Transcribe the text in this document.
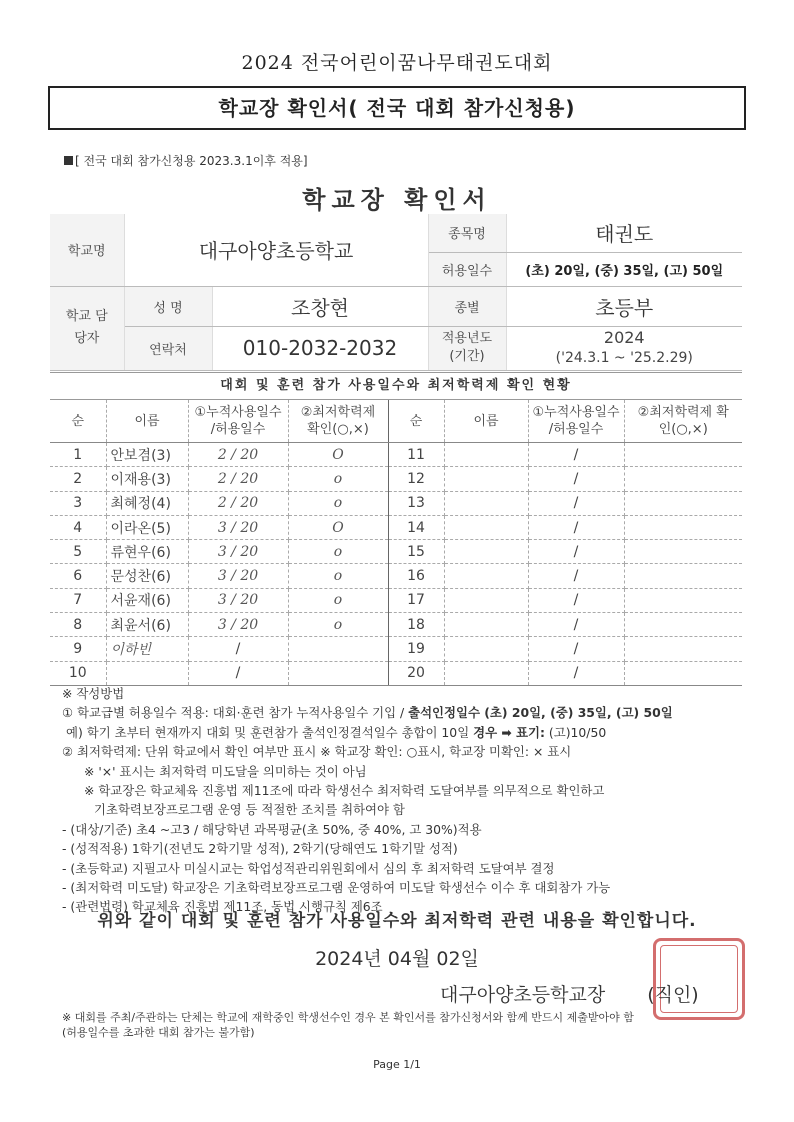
2024 전국어린이꿈나무태권도대회
학교장 확인서( 전국 대회 참가신청용)
[ 전국 대회 참가신청용 2023.3.1이후 적용]
학교장 확인서
학교명	대구아양초등학교		종목명	태권도
			허용일수	(초) 20일, (중) 35일, (고) 50일
학교 담당자	성 명	조창현	종별	초등부
	연락처	010-2032-2032	적용년도 (기간)	2024
('24.3.1 ~ '25.2.29)
대회 및 훈련 참가 사용일수와 최저학력제 확인 현황
순	이름	①누적사용일수 /허용일수	②최저학력제 확인(○,×)	순	이름	①누적사용일수 /허용일수	②최저학력제 확인(○,×)
1	안보겸(3)	2 / 20	O	11		/	
2	이재용(3)	2 / 20	o	12		/	
3	최혜정(4)	2 / 20	o	13		/	
4	이라온(5)	3 / 20	O	14		/	
5	류현우(6)	3 / 20	o	15		/	
6	문성찬(6)	3 / 20	o	16		/	
7	서윤재(6)	3 / 20	o	17		/	
8	최윤서(6)	3 / 20	o	18		/	
9	이하빈	/		19		/	
10		/		20		/	
※ 작성방법
① 학교급별 허용일수 적용: 대회·훈련 참가 누적사용일수 기입 / 출석인정일수 (초) 20일, (중) 35일, (고) 50일
예) 학기 초부터 현재까지 대회 및 훈련참가 출석인정결석일수 총합이 10일 경우 ➡ 표기: (고)10/50
② 최저학력제: 단위 학교에서 확인 여부만 표시 ※ 학교장 확인: ○표시, 학교장 미확인: × 표시
※ '×' 표시는 최저학력 미도달을 의미하는 것이 아님
※ 학교장은 학교체육 진흥법 제11조에 따라 학생선수 최저학력 도달여부를 의무적으로 확인하고
기초학력보장프로그램 운영 등 적절한 조치를 취하여야 함
- (대상/기준) 초4 ~고3 / 해당학년 과목평균(초 50%, 중 40%, 고 30%)적용
- (성적적용) 1학기(전년도 2학기말 성적), 2학기(당해연도 1학기말 성적)
- (초등학교) 지필고사 미실시교는 학업성적관리위원회에서 심의 후 최저학력 도달여부 결정
- (최저학력 미도달) 학교장은 기초학력보장프로그램 운영하여 미도달 학생선수 이수 후 대회참가 가능
- (관련법령) 학교체육 진흥법 제11조, 동법 시행규칙 제6조
위와 같이 대회 및 훈련 참가 사용일수와 최저학력 관련 내용을 확인합니다.
2024년 04월 02일
대구아양초등학교장 (직인)
※ 대회를 주최/주관하는 단체는 학교에 재학중인 학생선수인 경우 본 확인서를 참가신청서와 함께 반드시 제출받아야 함
(허용일수를 초과한 대회 참가는 불가함)
Page 1/1
